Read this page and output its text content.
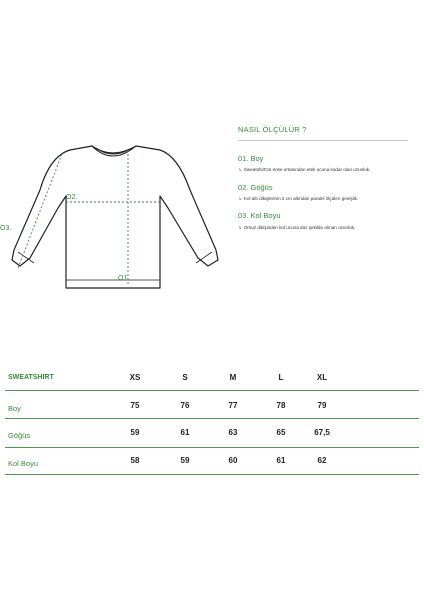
O1.
O2.
O3.
NASIL ÖLÇÜLÜR ?
01. Boy
↳ Sweatshirt'ün ense ortasından etek ucuna kadar olan uzunluk.
02. Göğüs
↳ Kol altı dikişlerinin 2 cm altından paralel ölçülen genişlik.
03. Kol Boyu
↳ Omuz dikişinden kol ucuna düz şekilde alınan uzunluk.
SWEATSHIRT	XS	S	M	L	XL
Boy	75	76	77	78	79
Göğüs	59	61	63	65	67,5
Kol Boyu	58	59	60	61	62
